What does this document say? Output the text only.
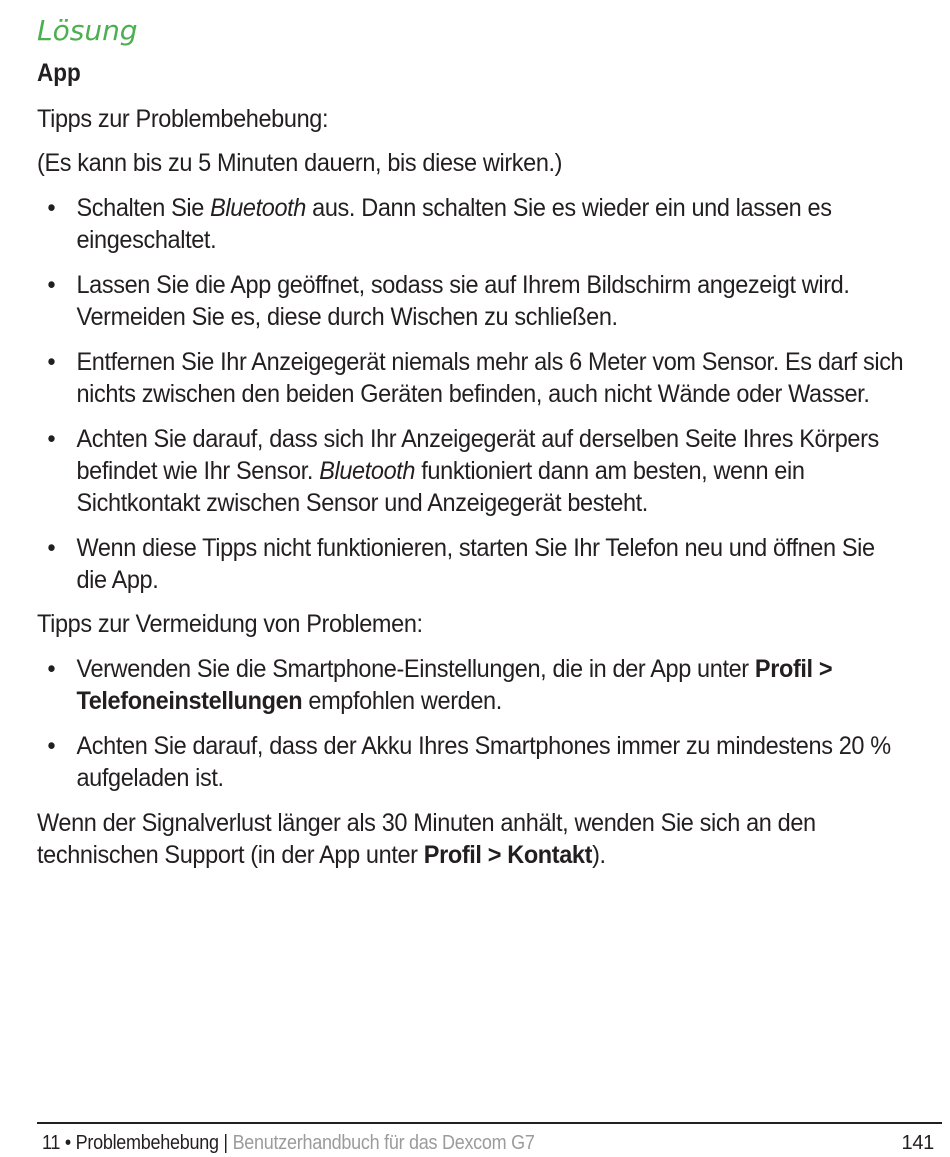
Lösung
App

Tipps zur Problembehebung:

(Es kann bis zu 5 Minuten dauern, bis diese wirken.)

• Schalten Sie Bluetooth aus. Dann schalten Sie es wieder ein und lassen es
eingeschaltet.
• Lassen Sie die App geöffnet, sodass sie auf Ihrem Bildschirm angezeigt wird.
Vermeiden Sie es, diese durch Wischen zu schließen.
• Entfernen Sie Ihr Anzeigegerät niemals mehr als 6 Meter vom Sensor. Es darf sich
nichts zwischen den beiden Geräten befinden, auch nicht Wände oder Wasser.
• Achten Sie darauf, dass sich Ihr Anzeigegerät auf derselben Seite Ihres Körpers
befindet wie Ihr Sensor. Bluetooth funktioniert dann am besten, wenn ein
Sichtkontakt zwischen Sensor und Anzeigegerät besteht.
• Wenn diese Tipps nicht funktionieren, starten Sie Ihr Telefon neu und öffnen Sie
die App.

Tipps zur Vermeidung von Problemen:

• Verwenden Sie die Smartphone-Einstellungen, die in der App unter Profil >
Telefoneinstellungen empfohlen werden.
• Achten Sie darauf, dass der Akku Ihres Smartphones immer zu mindestens 20 %
aufgeladen ist.

Wenn der Signalverlust länger als 30 Minuten anhält, wenden Sie sich an den
technischen Support (in der App unter Profil > Kontakt).

11 • Problembehebung | Benutzerhandbuch für das Dexcom G7	141
